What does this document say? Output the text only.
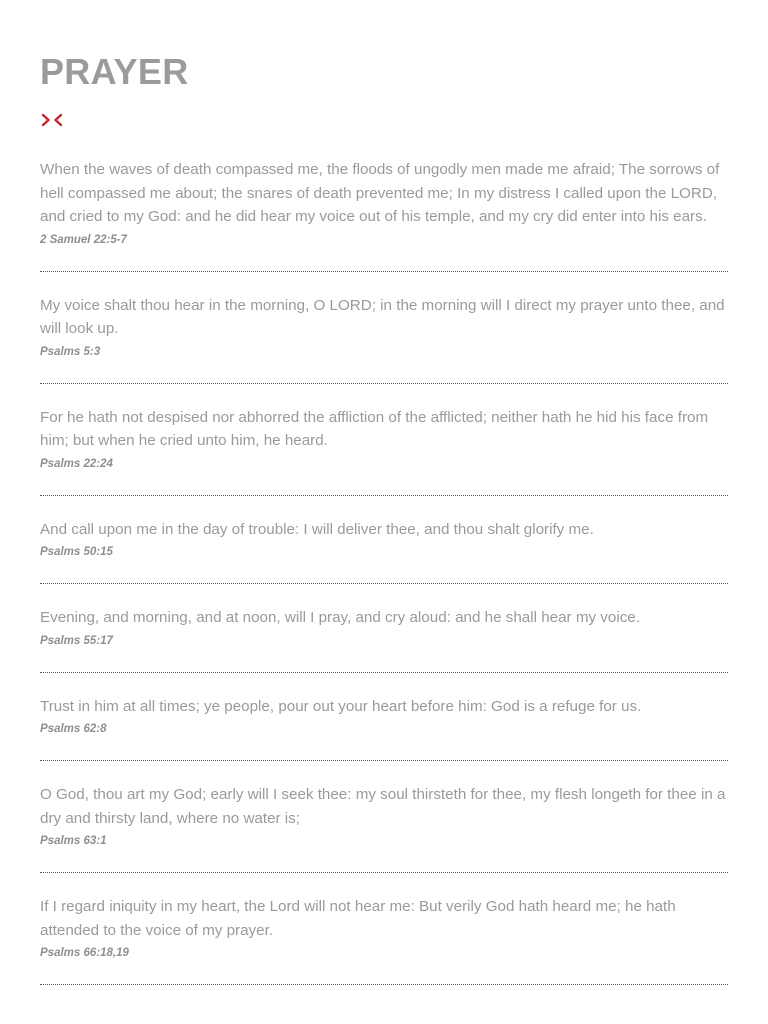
PRAYER

When the waves of death compassed me, the floods of ungodly men made me afraid; The sorrows of hell compassed me about; the snares of death prevented me; In my distress I called upon the LORD, and cried to my God: and he did hear my voice out of his temple, and my cry did enter into his ears.

2 Samuel 22:5-7

My voice shalt thou hear in the morning, O LORD; in the morning will I direct my prayer unto thee, and will look up.

Psalms 5:3

For he hath not despised nor abhorred the affliction of the afflicted; neither hath he hid his face from him; but when he cried unto him, he heard.

Psalms 22:24

And call upon me in the day of trouble: I will deliver thee, and thou shalt glorify me.

Psalms 50:15

Evening, and morning, and at noon, will I pray, and cry aloud: and he shall hear my voice.

Psalms 55:17

Trust in him at all times; ye people, pour out your heart before him: God is a refuge for us.

Psalms 62:8

O God, thou art my God; early will I seek thee: my soul thirsteth for thee, my flesh longeth for thee in a dry and thirsty land, where no water is;

Psalms 63:1

If I regard iniquity in my heart, the Lord will not hear me: But verily God hath heard me; he hath attended to the voice of my prayer.

Psalms 66:18,19
